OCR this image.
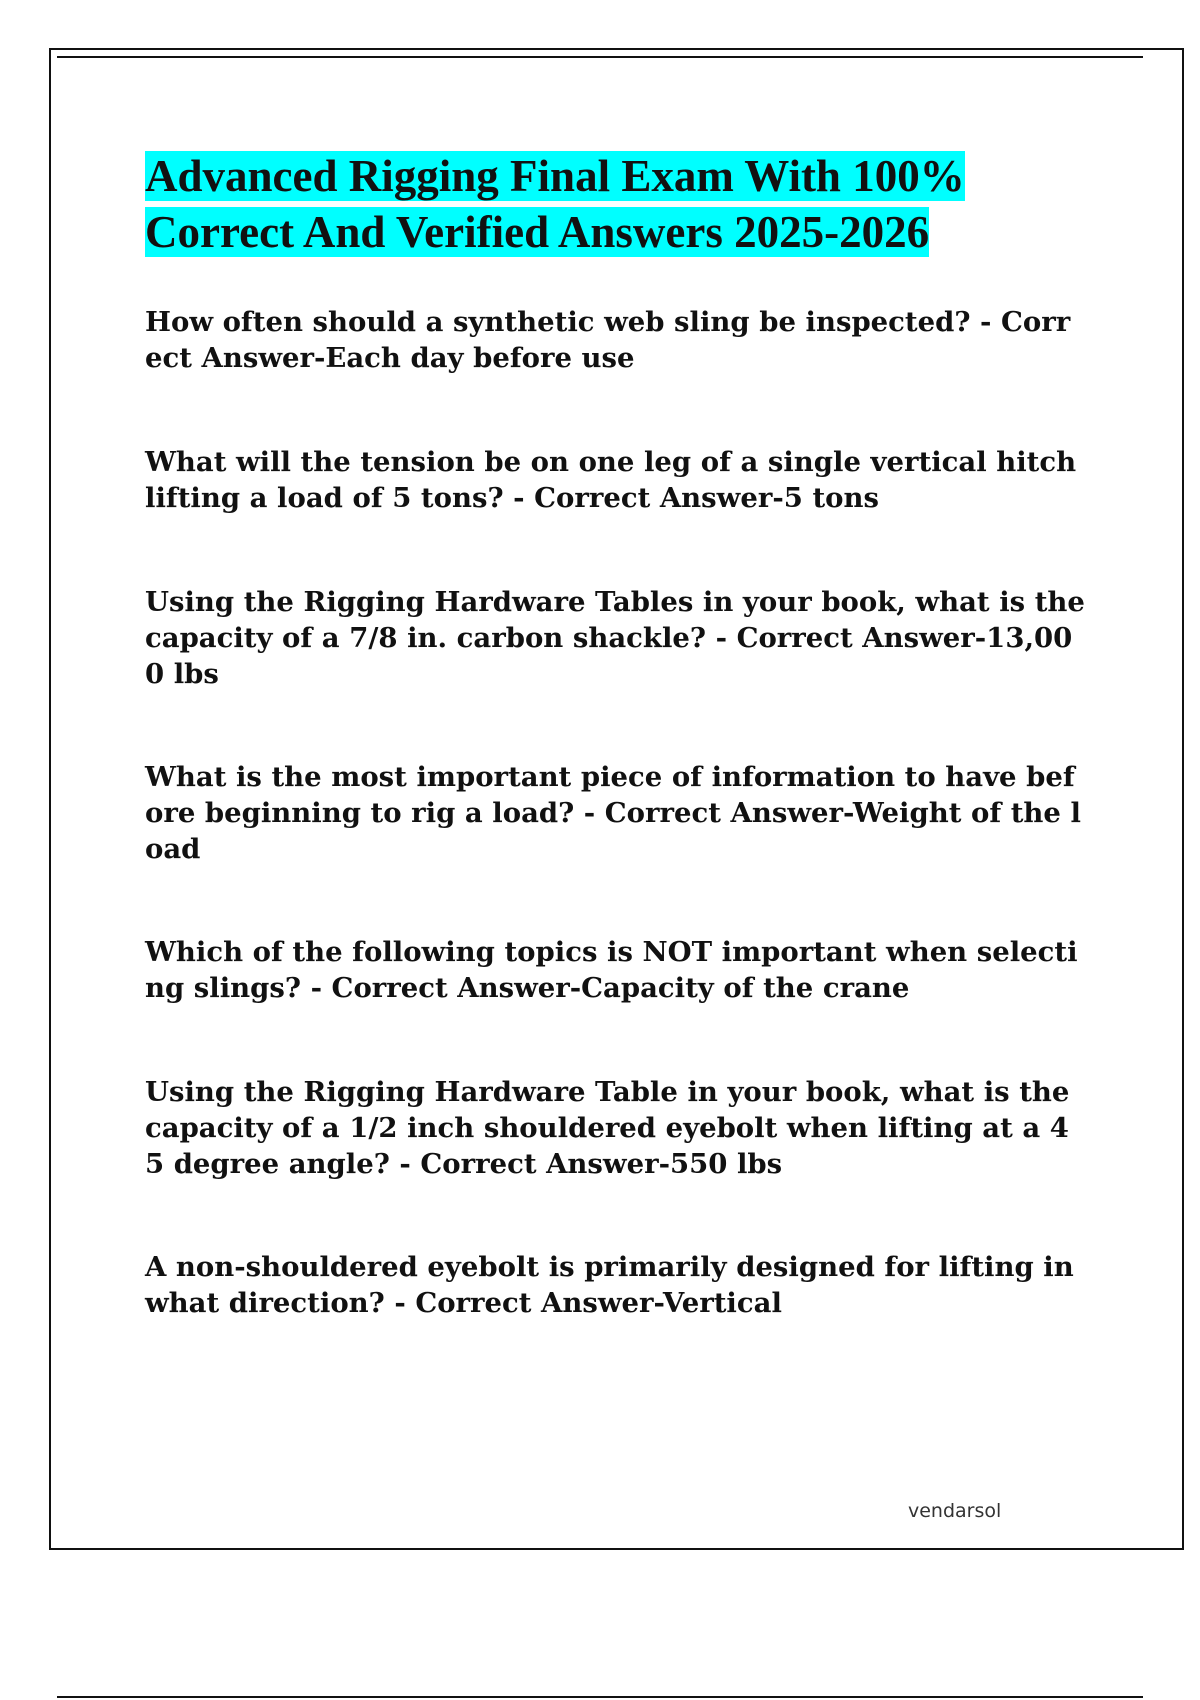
Advanced Rigging Final Exam With 100%
Correct And Verified Answers 2025-2026
How often should a synthetic web sling be inspected? - Correct Answer-Each day before use
What will the tension be on one leg of a single vertical hitch lifting a load of 5 tons? - Correct Answer-5 tons
Using the Rigging Hardware Tables in your book, what is the capacity of a 7/8 in. carbon shackle? - Correct Answer-13,000 lbs
What is the most important piece of information to have before beginning to rig a load? - Correct Answer-Weight of the load
Which of the following topics is NOT important when selecting slings? - Correct Answer-Capacity of the crane
Using the Rigging Hardware Table in your book, what is the capacity of a 1/2 inch shouldered eyebolt when lifting at a 45 degree angle? - Correct Answer-550 lbs
A non-shouldered eyebolt is primarily designed for lifting in what direction? - Correct Answer-Vertical
vendarsol
